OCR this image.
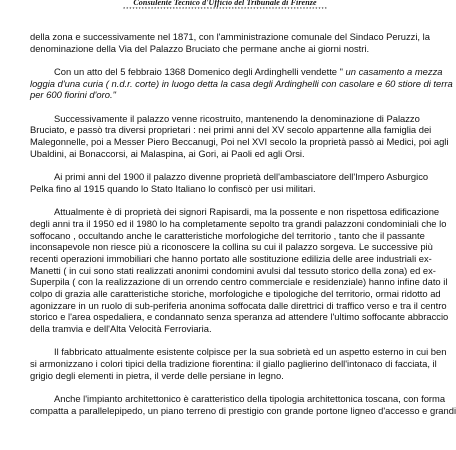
Consulente Tecnico d'Ufficio del Tribunale di Firenze
******************************************************************

della zona e successivamente nel 1871, con l'amministrazione comunale del Sindaco Peruzzi, la
denominazione della Via del Palazzo Bruciato che permane anche ai giorni nostri.

Con un atto del 5 febbraio 1368 Domenico degli Ardinghelli vendette " un casamento a mezza
loggia d'una curia ( n.d.r. corte) in luogo detta la casa degli Ardinghelli con casolare e 60 stiore di terra
per 600 fiorini d'oro."

Successivamente il palazzo venne ricostruito, mantenendo la denominazione di Palazzo
Bruciato, e passò tra diversi proprietari : nei primi anni del XV secolo appartenne alla famiglia dei
Malegonnelle, poi a Messer Piero Beccanugi, Poi nel XVI secolo la proprietà passò ai Medici, poi agli
Ubaldini, ai Bonaccorsi, ai Malaspina, ai Gori, ai Paoli ed agli Orsi.

Ai primi anni del 1900 il palazzo divenne proprietà dell'ambasciatore dell'Impero Asburgico
Pelka fino al 1915 quando lo Stato Italiano lo confiscò per usi militari.

Attualmente è di proprietà dei signori Rapisardi, ma la possente e non rispettosa edificazione
degli anni tra il 1950 ed il 1980 lo ha completamente sepolto tra grandi palazzoni condominiali che lo
soffocano , occultando anche le caratteristiche morfologiche del territorio , tanto che il passante
inconsapevole non riesce più a riconoscere la collina su cui il palazzo sorgeva. Le successive più
recenti operazioni immobiliari che hanno portato alle sostituzione edilizia delle aree industriali ex-
Manetti ( in cui sono stati realizzati anonimi condomini avulsi dal tessuto storico della zona) ed ex-
Superpila ( con la realizzazione di un orrendo centro commerciale e residenziale) hanno infine dato il
colpo di grazia alle caratteristiche storiche, morfologiche e tipologiche del territorio, ormai ridotto ad
agonizzare in un ruolo di sub-periferia anonima soffocata dalle direttrici di traffico verso e tra il centro
storico e l'area ospedaliera, e condannato senza speranza ad attendere l'ultimo soffocante abbraccio
della tramvia e dell'Alta Velocità Ferroviaria.

Il fabbricato attualmente esistente colpisce per la sua sobrietà ed un aspetto esterno in cui ben
si armonizzano i colori tipici della tradizione fiorentina: il giallo paglierino dell'intonaco di facciata, il
grigio degli elementi in pietra, il verde delle persiane in legno.

Anche l'impianto architettonico è caratteristico della tipologia architettonica toscana, con forma
compatta a parallelepipedo, un piano terreno di prestigio con grande portone ligneo d'accesso e grandi
